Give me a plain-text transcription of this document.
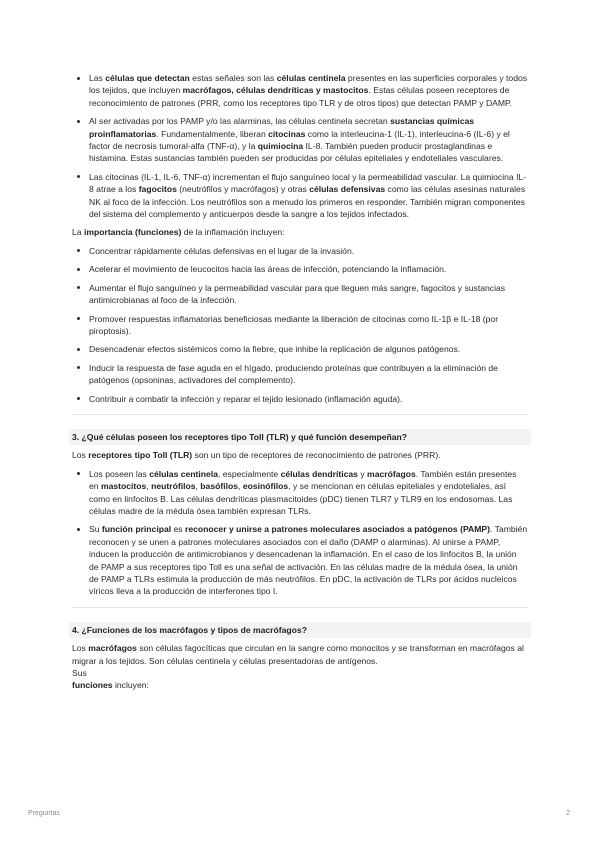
Las células que detectan estas señales son las células centinela presentes en las superficies corporales y todos los tejidos, que incluyen macrófagos, células dendríticas y mastocitos. Estas células poseen receptores de reconocimiento de patrones (PRR, como los receptores tipo TLR y de otros tipos) que detectan PAMP y DAMP.
Al ser activadas por los PAMP y/o las alarminas, las células centinela secretan sustancias químicas proinflamatorias. Fundamentalmente, liberan citocinas como la interleucina-1 (IL-1), interleucina-6 (IL-6) y el factor de necrosis tumoral-alfa (TNF-α), y la quimiocina IL-8. También pueden producir prostaglandinas e histamina. Estas sustancias también pueden ser producidas por células epiteliales y endoteliales vasculares.
Las citocinas (IL-1, IL-6, TNF-α) incrementan el flujo sanguíneo local y la permeabilidad vascular. La quimiocina IL-8 atrae a los fagocitos (neutrófilos y macrófagos) y otras células defensivas como las células asesinas naturales NK al foco de la infección. Los neutrófilos son a menudo los primeros en responder. También migran componentes del sistema del complemento y anticuerpos desde la sangre a los tejidos infectados.

La importancia (funciones) de la inflamación incluyen:

Concentrar rápidamente células defensivas en el lugar de la invasión.
Acelerar el movimiento de leucocitos hacia las áreas de infección, potenciando la inflamación.
Aumentar el flujo sanguíneo y la permeabilidad vascular para que lleguen más sangre, fagocitos y sustancias antimicrobianas al foco de la infección.
Promover respuestas inflamatorias beneficiosas mediante la liberación de citocinas como IL-1β e IL-18 (por piroptosis).
Desencadenar efectos sistémicos como la fiebre, que inhibe la replicación de algunos patógenos.
Inducir la respuesta de fase aguda en el hígado, produciendo proteínas que contribuyen a la eliminación de patógenos (opsoninas, activadores del complemento).
Contribuir a combatir la infección y reparar el tejido lesionado (inflamación aguda).
3. ¿Qué células poseen los receptores tipo Toll (TLR) y qué función desempeñan?

Los receptores tipo Toll (TLR) son un tipo de receptores de reconocimiento de patrones (PRR).

Los poseen las células centinela, especialmente células dendríticas y macrófagos. También están presentes en mastocitos, neutrófilos, basófilos, eosinófilos, y se mencionan en células epiteliales y endoteliales, así como en linfocitos B. Las células dendríticas plasmacitoides (pDC) tienen TLR7 y TLR9 en los endosomas. Las células madre de la médula ósea también expresan TLRs.
Su función principal es reconocer y unirse a patrones moleculares asociados a patógenos (PAMP). También reconocen y se unen a patrones moleculares asociados con el daño (DAMP o alarminas). Al unirse a PAMP, inducen la producción de antimicrobianos y desencadenan la inflamación. En el caso de los linfocitos B, la unión de PAMP a sus receptores tipo Toll es una señal de activación. En las células madre de la médula ósea, la unión de PAMP a TLRs estimula la producción de más neutrófilos. En pDC, la activación de TLRs por ácidos nucleicos víricos lleva a la producción de interferones tipo I.
4. ¿Funciones de los macrófagos y tipos de macrófagos?

Los macrófagos son células fagocíticas que circulan en la sangre como monocitos y se transforman en macrófagos al migrar a los tejidos. Son células centinela y células presentadoras de antígenos.

Sus

funciones incluyen:

Preguntas	2
